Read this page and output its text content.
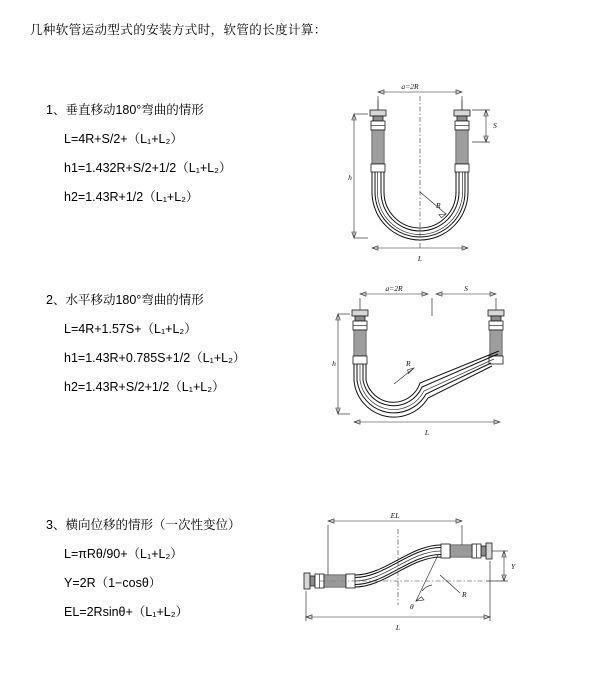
几种软管运动型式的安装方式时，软管的长度计算：
1、垂直移动180°弯曲的情形
L=4R+S/2+（L₁+L₂）
h1=1.432R+S/2+1/2（L₁+L₂）
h2=1.43R+1/2（L₁+L₂）
a=2R
R
L
h
S
2、水平移动180°弯曲的情形
L=4R+1.57S+（L₁+L₂）
h1=1.43R+0.785S+1/2（L₁+L₂）
h2=1.43R+S/2+1/2（L₁+L₂）
a=2R	S
R
h
L
3、横向位移的情形（一次性变位）
L=πRθ/90+（L₁+L₂）
Y=2R（1−cosθ）
EL=2Rsinθ+（L₁+L₂）
EL
θ
R
Y
L
